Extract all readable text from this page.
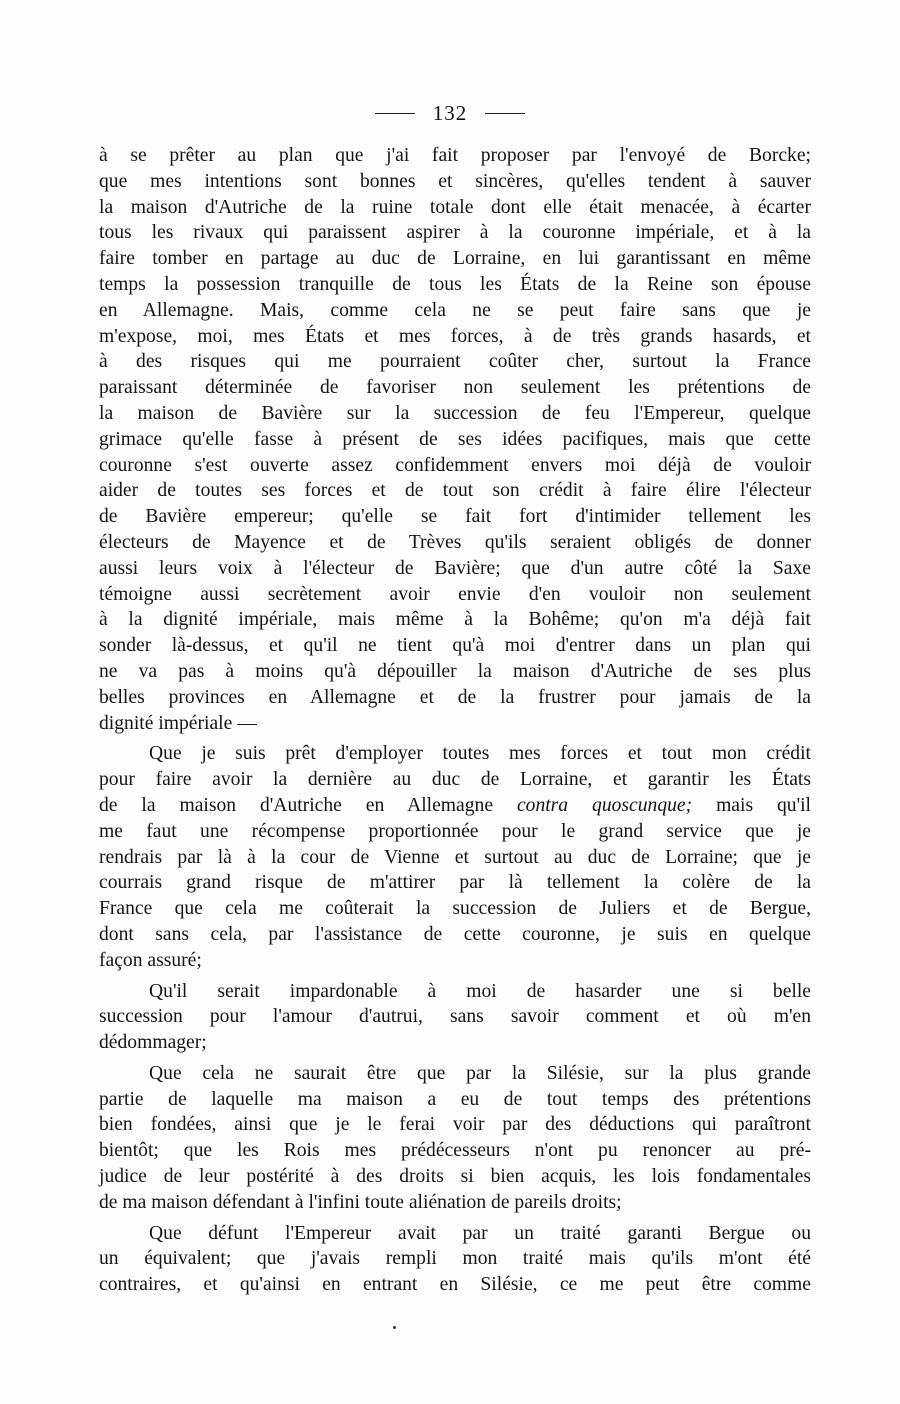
132
à se prêter au plan que j'ai fait proposer par l'envoyé de Borcke;
que mes intentions sont bonnes et sincères, qu'elles tendent à sauver
la maison d'Autriche de la ruine totale dont elle était menacée, à écarter
tous les rivaux qui paraissent aspirer à la couronne impériale, et à la
faire tomber en partage au duc de Lorraine, en lui garantissant en même
temps la possession tranquille de tous les États de la Reine son épouse
en Allemagne. Mais, comme cela ne se peut faire sans que je
m'expose, moi, mes États et mes forces, à de très grands hasards, et
à des risques qui me pourraient coûter cher, surtout la France
paraissant déterminée de favoriser non seulement les prétentions de
la maison de Bavière sur la succession de feu l'Empereur, quelque
grimace qu'elle fasse à présent de ses idées pacifiques, mais que cette
couronne s'est ouverte assez confidemment envers moi déjà de vouloir
aider de toutes ses forces et de tout son crédit à faire élire l'électeur
de Bavière empereur; qu'elle se fait fort d'intimider tellement les
électeurs de Mayence et de Trèves qu'ils seraient obligés de donner
aussi leurs voix à l'électeur de Bavière; que d'un autre côté la Saxe
témoigne aussi secrètement avoir envie d'en vouloir non seulement
à la dignité impériale, mais même à la Bohême; qu'on m'a déjà fait
sonder là-dessus, et qu'il ne tient qu'à moi d'entrer dans un plan qui
ne va pas à moins qu'à dépouiller la maison d'Autriche de ses plus
belles provinces en Allemagne et de la frustrer pour jamais de la
dignité impériale —
Que je suis prêt d'employer toutes mes forces et tout mon crédit
pour faire avoir la dernière au duc de Lorraine, et garantir les États
de la maison d'Autriche en Allemagne contra quoscunque; mais qu'il
me faut une récompense proportionnée pour le grand service que je
rendrais par là à la cour de Vienne et surtout au duc de Lorraine; que je
courrais grand risque de m'attirer par là tellement la colère de la
France que cela me coûterait la succession de Juliers et de Bergue,
dont sans cela, par l'assistance de cette couronne, je suis en quelque
façon assuré;
Qu'il serait impardonable à moi de hasarder une si belle
succession pour l'amour d'autrui, sans savoir comment et où m'en
dédommager;
Que cela ne saurait être que par la Silésie, sur la plus grande
partie de laquelle ma maison a eu de tout temps des prétentions
bien fondées, ainsi que je le ferai voir par des déductions qui paraîtront
bientôt; que les Rois mes prédécesseurs n'ont pu renoncer au pré-
judice de leur postérité à des droits si bien acquis, les lois fondamentales
de ma maison défendant à l'infini toute aliénation de pareils droits;
Que défunt l'Empereur avait par un traité garanti Bergue ou
un équivalent; que j'avais rempli mon traité mais qu'ils m'ont été
contraires, et qu'ainsi en entrant en Silésie, ce me peut être comme
